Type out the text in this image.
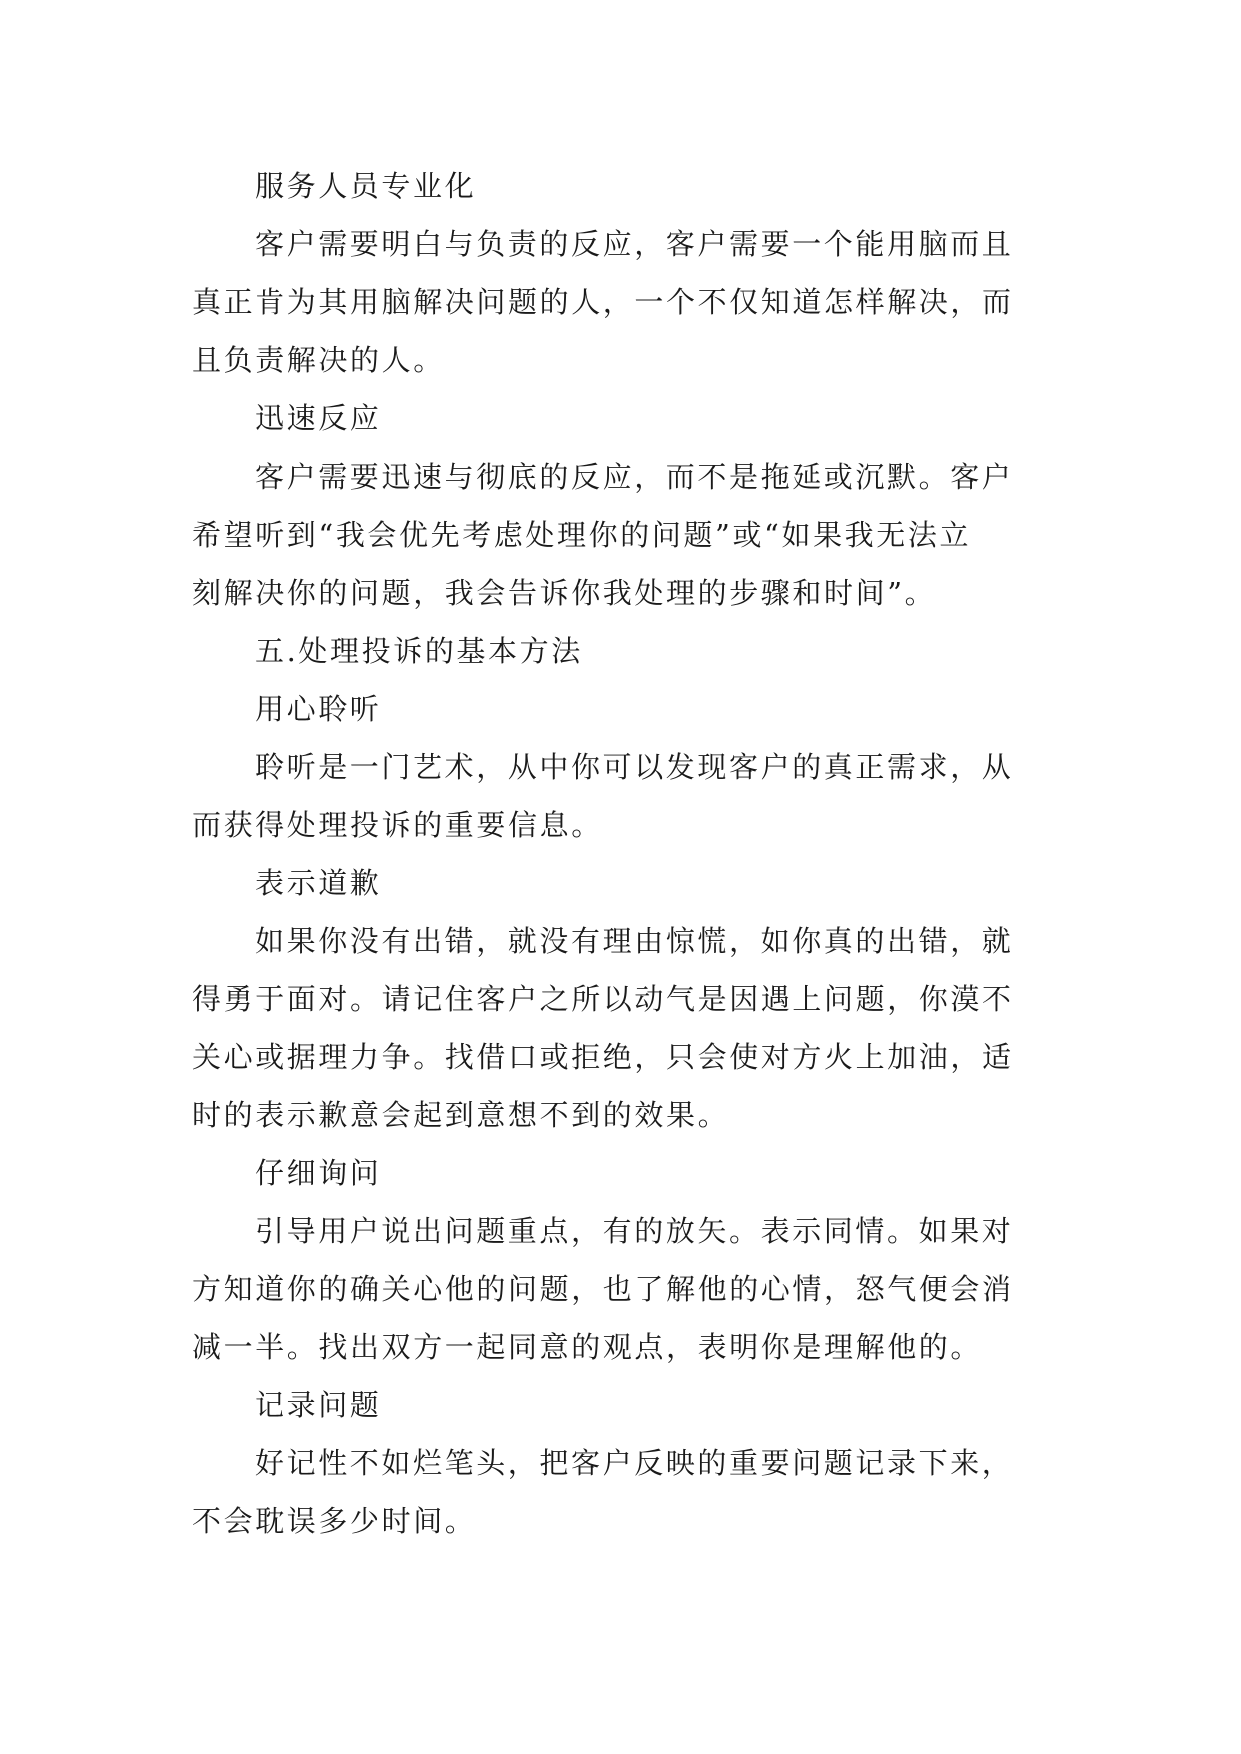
服务人员专业化
客户需要明白与负责的反应，客户需要一个能用脑而且
真正肯为其用脑解决问题的人，一个不仅知道怎样解决，而
且负责解决的人。
迅速反应
客户需要迅速与彻底的反应，而不是拖延或沉默。客户
希望听到“我会优先考虑处理你的问题”或“如果我无法立
刻解决你的问题，我会告诉你我处理的步骤和时间”。
五.处理投诉的基本方法
用心聆听
聆听是一门艺术，从中你可以发现客户的真正需求，从
而获得处理投诉的重要信息。
表示道歉
如果你没有出错，就没有理由惊慌，如你真的出错，就
得勇于面对。请记住客户之所以动气是因遇上问题，你漠不
关心或据理力争。找借口或拒绝，只会使对方火上加油，适
时的表示歉意会起到意想不到的效果。
仔细询问
引导用户说出问题重点，有的放矢。表示同情。如果对
方知道你的确关心他的问题，也了解他的心情，怒气便会消
减一半。找出双方一起同意的观点，表明你是理解他的。
记录问题
好记性不如烂笔头，把客户反映的重要问题记录下来，
不会耽误多少时间。
